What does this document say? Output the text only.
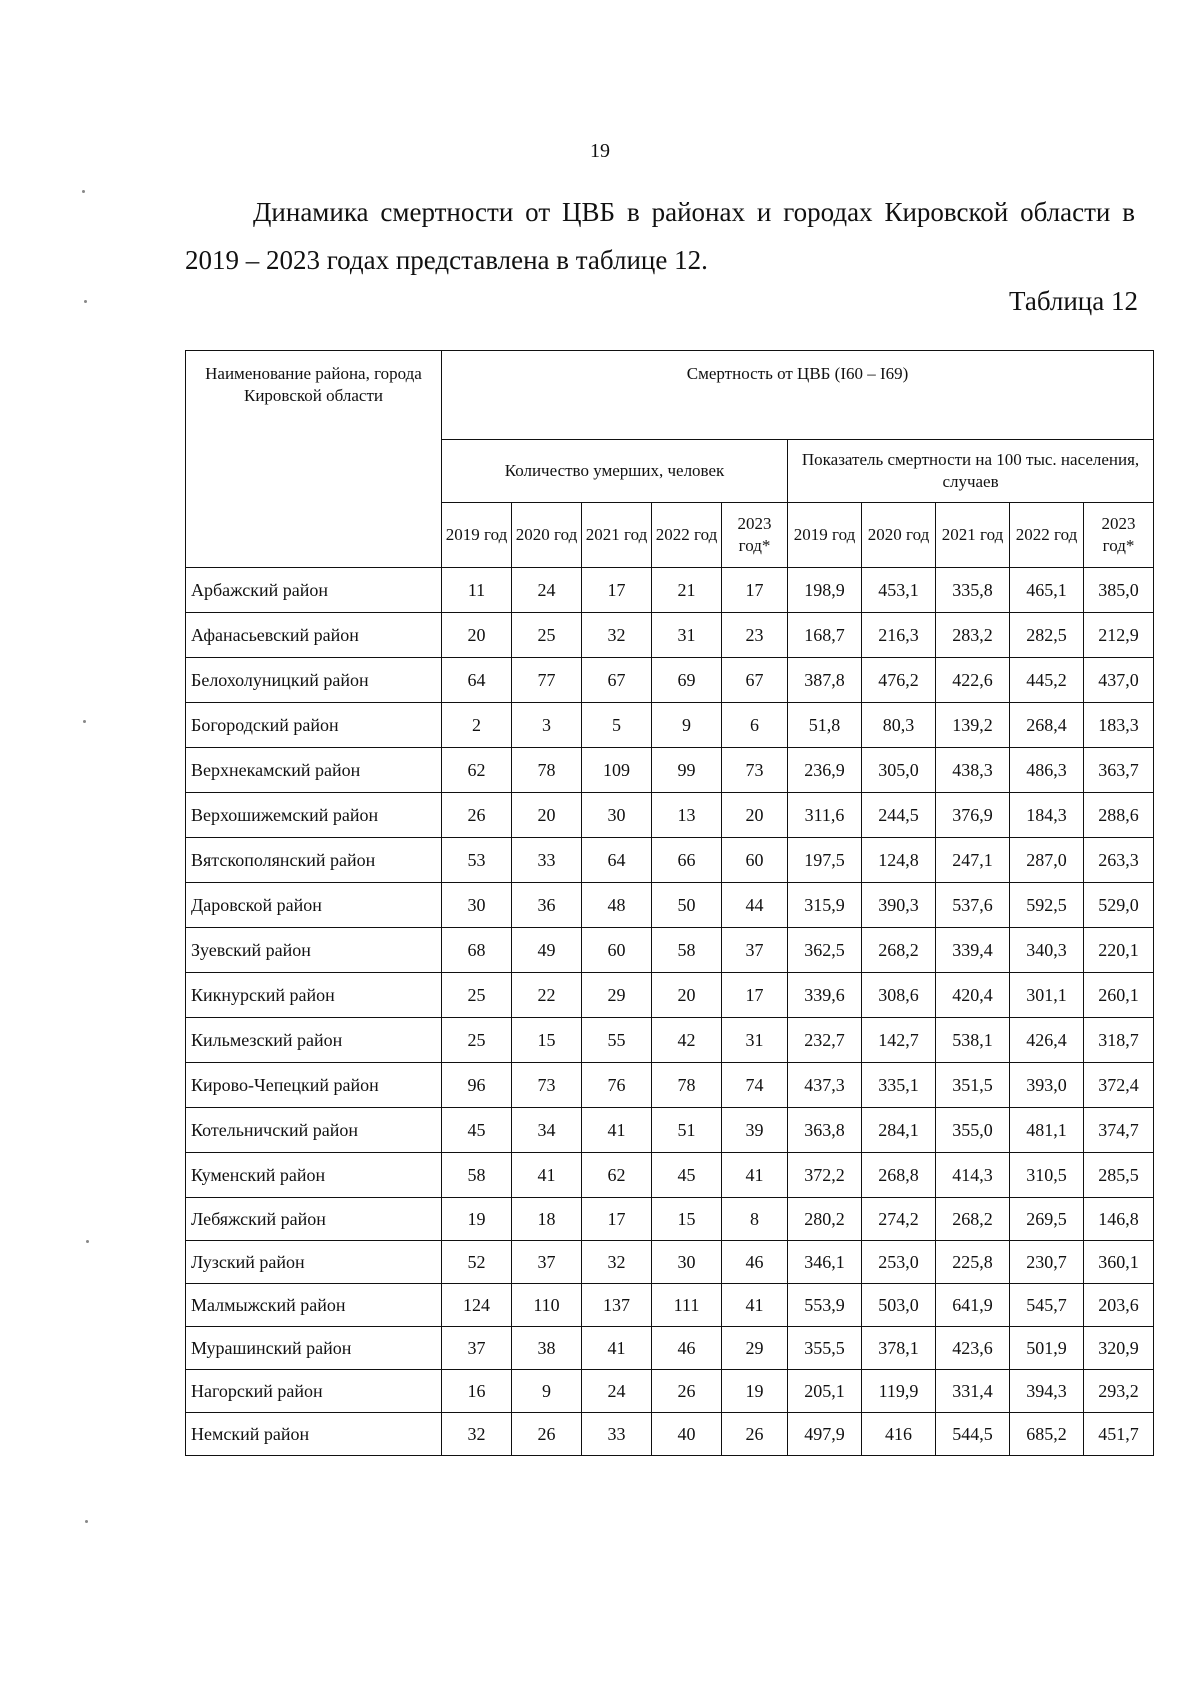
19
Динамика смертности от ЦВБ в районах и городах Кировской области в 2019 – 2023 годах представлена в таблице 12.
Таблица 12
Наименование района, города Кировской области	Смертность от ЦВБ (I60 – I69)									
	Количество умерших, человек					Показатель смертности на 100 тыс. населения, случаев				
	2019 год	2020 год	2021 год	2022 год	2023 год*	2019 год	2020 год	2021 год	2022 год	2023 год*
Арбажский район	11	24	17	21	17	198,9	453,1	335,8	465,1	385,0
Афанасьевский район	20	25	32	31	23	168,7	216,3	283,2	282,5	212,9
Белохолуницкий район	64	77	67	69	67	387,8	476,2	422,6	445,2	437,0
Богородский район	2	3	5	9	6	51,8	80,3	139,2	268,4	183,3
Верхнекамский район	62	78	109	99	73	236,9	305,0	438,3	486,3	363,7
Верхошижемский район	26	20	30	13	20	311,6	244,5	376,9	184,3	288,6
Вятскополянский район	53	33	64	66	60	197,5	124,8	247,1	287,0	263,3
Даровской район	30	36	48	50	44	315,9	390,3	537,6	592,5	529,0
Зуевский район	68	49	60	58	37	362,5	268,2	339,4	340,3	220,1
Кикнурский район	25	22	29	20	17	339,6	308,6	420,4	301,1	260,1
Кильмезский район	25	15	55	42	31	232,7	142,7	538,1	426,4	318,7
Кирово-Чепецкий район	96	73	76	78	74	437,3	335,1	351,5	393,0	372,4
Котельничский район	45	34	41	51	39	363,8	284,1	355,0	481,1	374,7
Куменский район	58	41	62	45	41	372,2	268,8	414,3	310,5	285,5
Лебяжский район	19	18	17	15	8	280,2	274,2	268,2	269,5	146,8
Лузский район	52	37	32	30	46	346,1	253,0	225,8	230,7	360,1
Малмыжский район	124	110	137	111	41	553,9	503,0	641,9	545,7	203,6
Мурашинский район	37	38	41	46	29	355,5	378,1	423,6	501,9	320,9
Нагорский район	16	9	24	26	19	205,1	119,9	331,4	394,3	293,2
Немский район	32	26	33	40	26	497,9	416	544,5	685,2	451,7
